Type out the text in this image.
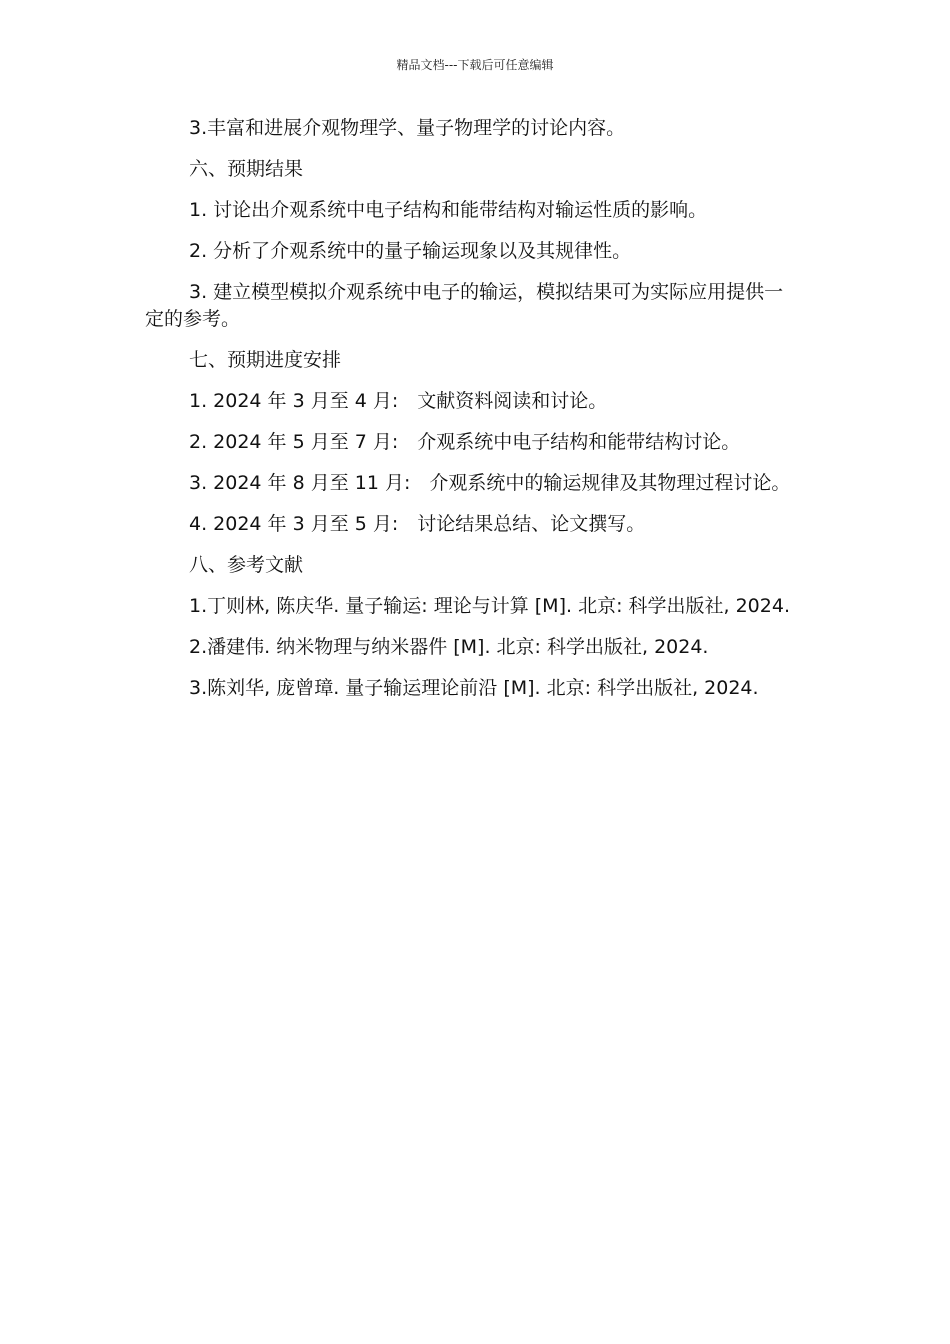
精品文档---下载后可任意编辑

3.丰富和进展介观物理学、量子物理学的讨论内容。

六、预期结果

1. 讨论出介观系统中电子结构和能带结构对输运性质的影响。

2. 分析了介观系统中的量子输运现象以及其规律性。

3. 建立模型模拟介观系统中电子的输运，模拟结果可为实际应用提供一定的参考。

七、预期进度安排

1. 2024 年 3 月至 4 月:　文献资料阅读和讨论。

2. 2024 年 5 月至 7 月:　介观系统中电子结构和能带结构讨论。

3. 2024 年 8 月至 11 月:　介观系统中的输运规律及其物理过程讨论。

4. 2024 年 3 月至 5 月:　讨论结果总结、论文撰写。

八、参考文献

1.丁则林, 陈庆华. 量子输运: 理论与计算 [M]. 北京: 科学出版社, 2024.

2.潘建伟. 纳米物理与纳米器件 [M]. 北京: 科学出版社, 2024.

3.陈刘华, 庞曾璋. 量子输运理论前沿 [M]. 北京: 科学出版社, 2024.
